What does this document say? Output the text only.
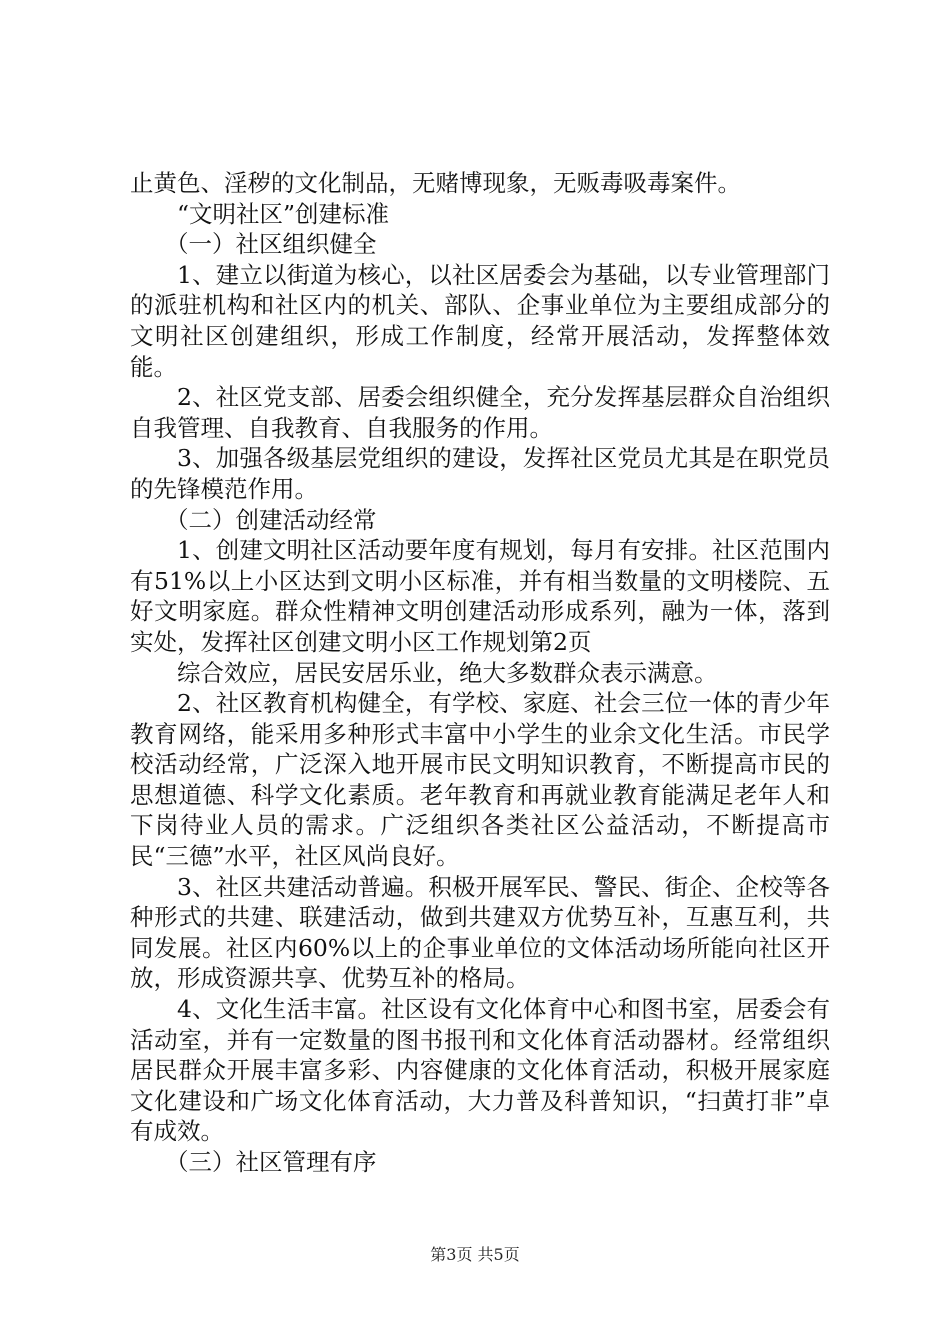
止黄色、淫秽的文化制品，无赌博现象，无贩毒吸毒案件。

“文明社区”创建标准

（一）社区组织健全

1、建立以街道为核心，以社区居委会为基础，以专业管理部门的派驻机构和社区内的机关、部队、企事业单位为主要组成部分的文明社区创建组织，形成工作制度，经常开展活动，发挥整体效能。

2、社区党支部、居委会组织健全，充分发挥基层群众自治组织自我管理、自我教育、自我服务的作用。

3、加强各级基层党组织的建设，发挥社区党员尤其是在职党员的先锋模范作用。

（二）创建活动经常

1、创建文明社区活动要年度有规划，每月有安排。社区范围内有51%以上小区达到文明小区标准，并有相当数量的文明楼院、五好文明家庭。群众性精神文明创建活动形成系列，融为一体，落到实处，发挥社区创建文明小区工作规划第2页

综合效应，居民安居乐业，绝大多数群众表示满意。

2、社区教育机构健全，有学校、家庭、社会三位一体的青少年教育网络，能采用多种形式丰富中小学生的业余文化生活。市民学校活动经常，广泛深入地开展市民文明知识教育，不断提高市民的思想道德、科学文化素质。老年教育和再就业教育能满足老年人和下岗待业人员的需求。广泛组织各类社区公益活动，不断提高市民“三德”水平，社区风尚良好。

3、社区共建活动普遍。积极开展军民、警民、街企、企校等各种形式的共建、联建活动，做到共建双方优势互补，互惠互利，共同发展。社区内60%以上的企事业单位的文体活动场所能向社区开放，形成资源共享、优势互补的格局。

4、文化生活丰富。社区设有文化体育中心和图书室，居委会有活动室，并有一定数量的图书报刊和文化体育活动器材。经常组织居民群众开展丰富多彩、内容健康的文化体育活动，积极开展家庭文化建设和广场文化体育活动，大力普及科普知识，“扫黄打非”卓有成效。

（三）社区管理有序

第3页 共5页
